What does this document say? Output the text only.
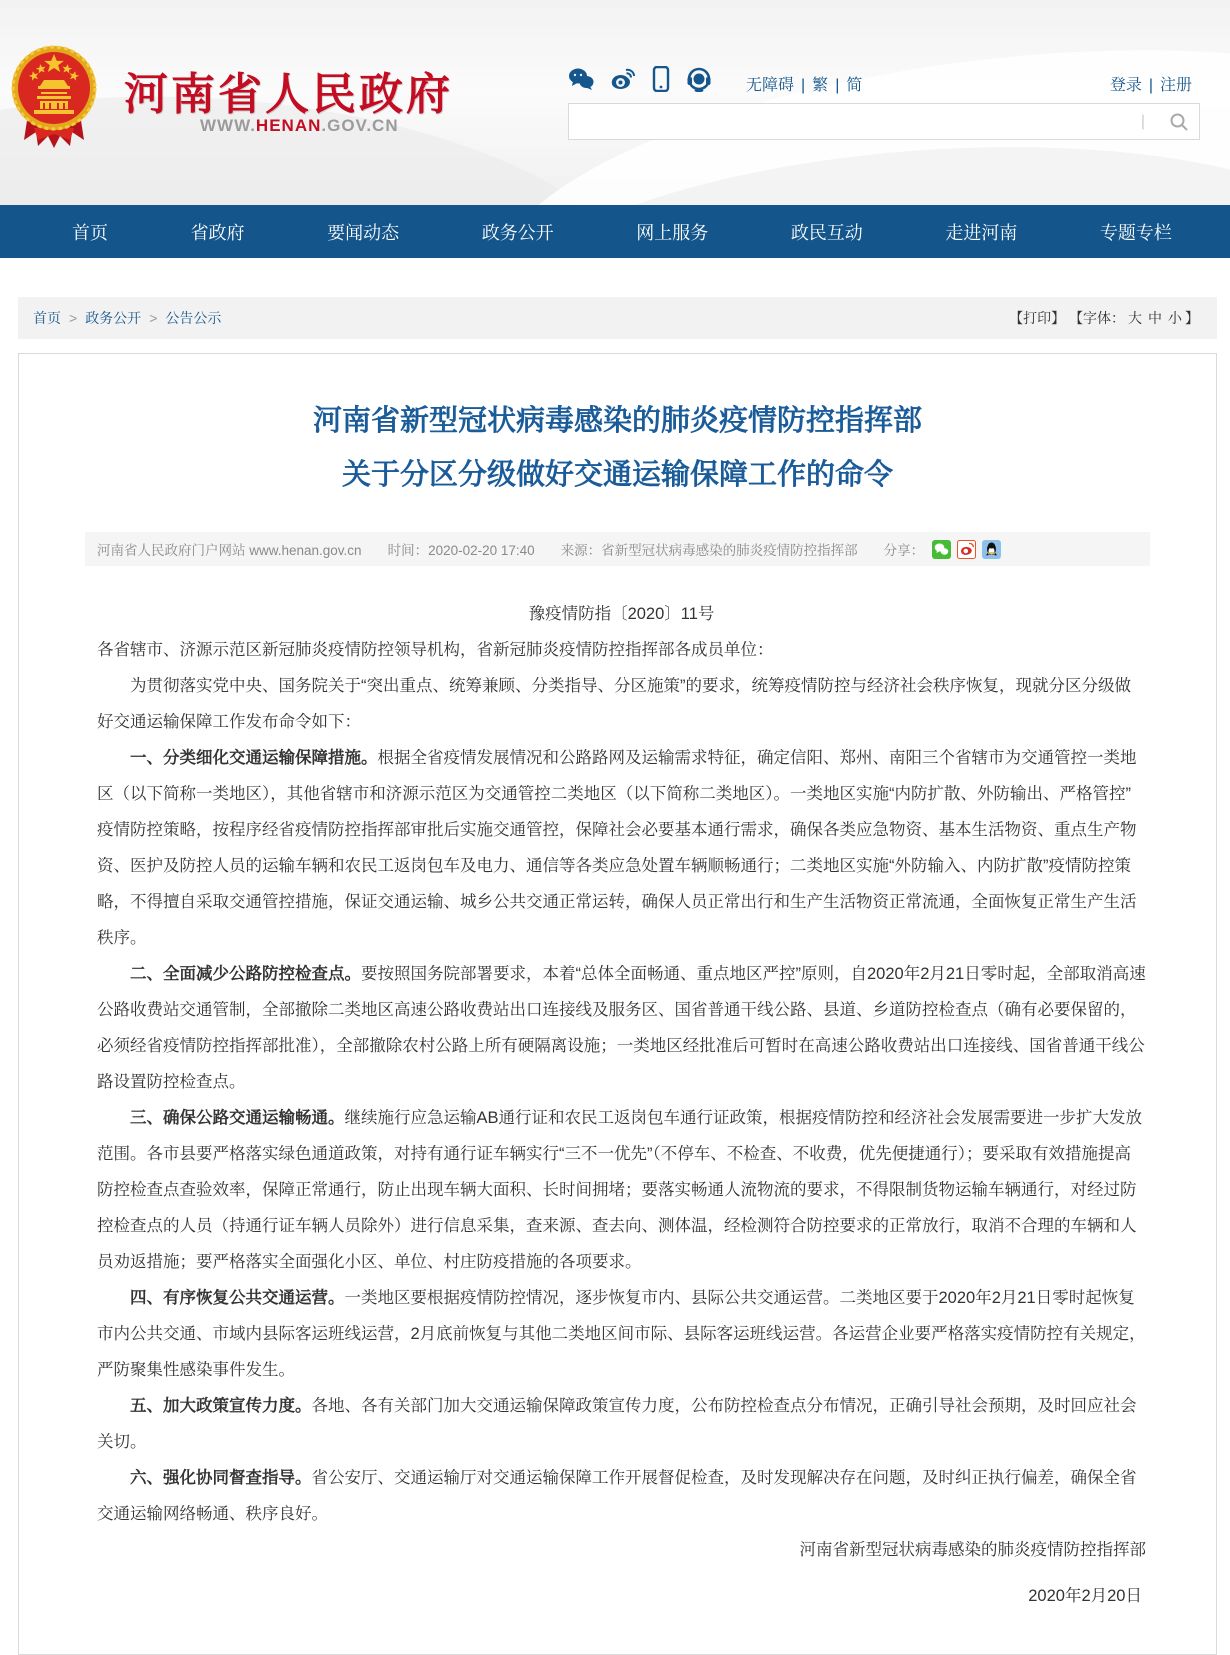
河南省人民政府
WWW.HENAN.GOV.CN
无障碍 | 繁 | 简	登录 | 注册
|
首页	省政府	要闻动态	政务公开	网上服务	政民互动	走进河南	专题专栏
首页 > 政务公开 > 公告公示	【打印】 【字体： 大 中 小 】
河南省新型冠状病毒感染的肺炎疫情防控指挥部
关于分区分级做好交通运输保障工作的命令
河南省人民政府门户网站 www.henan.gov.cn 时间：2020-02-20 17:40 来源：省新型冠状病毒感染的肺炎疫情防控指挥部 分享：
豫疫情防指〔2020〕11号

各省辖市、济源示范区新冠肺炎疫情防控领导机构，省新冠肺炎疫情防控指挥部各成员单位：

为贯彻落实党中央、国务院关于“突出重点、统筹兼顾、分类指导、分区施策”的要求，统筹疫情防控与经济社会秩序恢复，现就分区分级做好交通运输保障工作发布命令如下：

一、分类细化交通运输保障措施。根据全省疫情发展情况和公路路网及运输需求特征，确定信阳、郑州、南阳三个省辖市为交通管控一类地区（以下简称一类地区），其他省辖市和济源示范区为交通管控二类地区（以下简称二类地区）。一类地区实施“内防扩散、外防输出、严格管控”疫情防控策略，按程序经省疫情防控指挥部审批后实施交通管控，保障社会必要基本通行需求，确保各类应急物资、基本生活物资、重点生产物资、医护及防控人员的运输车辆和农民工返岗包车及电力、通信等各类应急处置车辆顺畅通行；二类地区实施“外防输入、内防扩散”疫情防控策略，不得擅自采取交通管控措施，保证交通运输、城乡公共交通正常运转，确保人员正常出行和生产生活物资正常流通，全面恢复正常生产生活秩序。

二、全面减少公路防控检查点。要按照国务院部署要求，本着“总体全面畅通、重点地区严控”原则，自2020年2月21日零时起，全部取消高速公路收费站交通管制，全部撤除二类地区高速公路收费站出口连接线及服务区、国省普通干线公路、县道、乡道防控检查点（确有必要保留的，必须经省疫情防控指挥部批准），全部撤除农村公路上所有硬隔离设施；一类地区经批准后可暂时在高速公路收费站出口连接线、国省普通干线公路设置防控检查点。

三、确保公路交通运输畅通。继续施行应急运输AB通行证和农民工返岗包车通行证政策，根据疫情防控和经济社会发展需要进一步扩大发放范围。各市县要严格落实绿色通道政策，对持有通行证车辆实行“三不一优先”（不停车、不检查、不收费，优先便捷通行）；要采取有效措施提高防控检查点查验效率，保障正常通行，防止出现车辆大面积、长时间拥堵；要落实畅通人流物流的要求，不得限制货物运输车辆通行，对经过防控检查点的人员（持通行证车辆人员除外）进行信息采集，查来源、查去向、测体温，经检测符合防控要求的正常放行，取消不合理的车辆和人员劝返措施；要严格落实全面强化小区、单位、村庄防疫措施的各项要求。

四、有序恢复公共交通运营。一类地区要根据疫情防控情况，逐步恢复市内、县际公共交通运营。二类地区要于2020年2月21日零时起恢复市内公共交通、市域内县际客运班线运营，2月底前恢复与其他二类地区间市际、县际客运班线运营。各运营企业要严格落实疫情防控有关规定，严防聚集性感染事件发生。

五、加大政策宣传力度。各地、各有关部门加大交通运输保障政策宣传力度，公布防控检查点分布情况，正确引导社会预期，及时回应社会关切。

六、强化协同督查指导。省公安厅、交通运输厅对交通运输保障工作开展督促检查，及时发现解决存在问题，及时纠正执行偏差，确保全省交通运输网络畅通、秩序良好。

河南省新型冠状病毒感染的肺炎疫情防控指挥部
2020年2月20日
